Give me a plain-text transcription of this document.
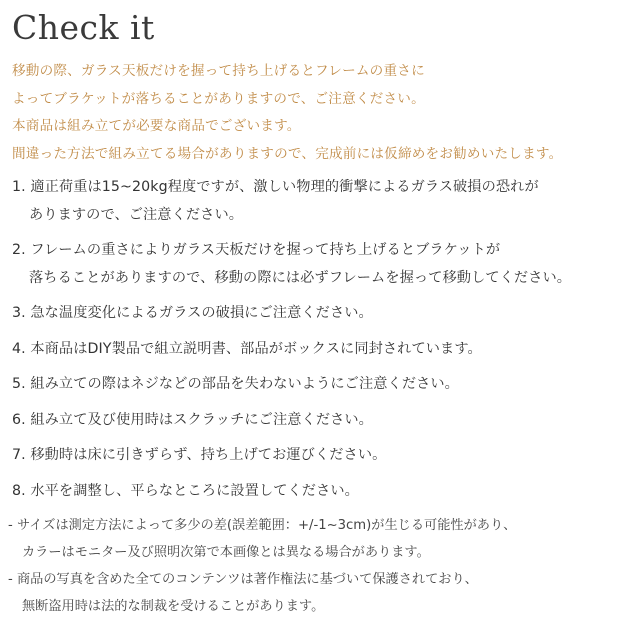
Check it
移動の際、ガラス天板だけを握って持ち上げるとフレームの重さに
よってブラケットが落ちることがありますので、ご注意ください。
本商品は組み立てが必要な商品でございます。
間違った方法で組み立てる場合がありますので、完成前には仮締めをお勧めいたします。
1. 適正荷重は15~20kg程度ですが、激しい物理的衝撃によるガラス破損の恐れが
ありますので、ご注意ください。
2. フレームの重さによりガラス天板だけを握って持ち上げるとブラケットが
落ちることがありますので、移動の際には必ずフレームを握って移動してください。
3. 急な温度変化によるガラスの破損にご注意ください。
4. 本商品はDIY製品で組立説明書、部品がボックスに同封されています。
5. 組み立ての際はネジなどの部品を失わないようにご注意ください。
6. 組み立て及び使用時はスクラッチにご注意ください。
7. 移動時は床に引きずらず、持ち上げてお運びください。
8. 水平を調整し、平らなところに設置してください。
- サイズは測定方法によって多少の差(誤差範囲：+/-1~3cm)が生じる可能性があり、
カラーはモニター及び照明次第で本画像とは異なる場合があります。
- 商品の写真を含めた全てのコンテンツは著作権法に基づいて保護されており、
無断盗用時は法的な制裁を受けることがあります。
